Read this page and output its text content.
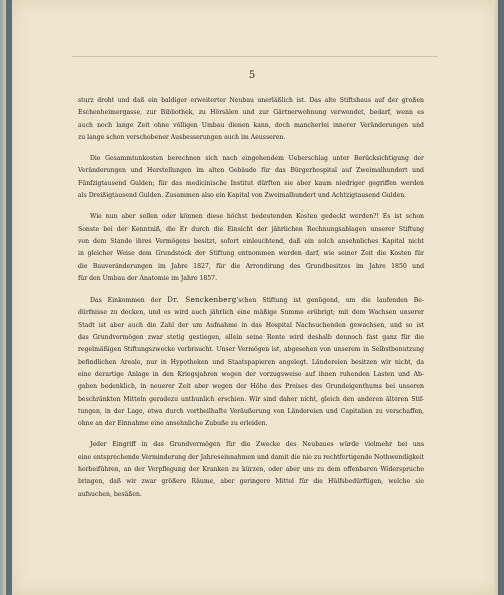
5
sturz droht und daß ein baldiger erweiterter Neubau unerläßlich ist. Das alte Stiftshaus auf der großen
Eschenheimergasse, zur Bibliothek, zu Hörsälen und zur Gärtnerwohnung verwendet, bedarf, wenn es
auch noch lange Zeit ohne völligen Umbau dienen kann, doch mancherlei innerer Veränderungen und
zu lange schon verschobener Ausbesserungen auch im Aeusseren.
Die Gesammtunkosten berechnen sich nach eingehendem Ueberschlag unter Berücksichtigung der
Veränderungen und Herstellungen im alten Gebäude für das Bürgerhospital auf Zweimalhundert und
Fünfzigtausend Gulden; für das medicinische Institut dürften sie aber kaum niedriger gegriffen werden
als Dreißigtausend Gulden. Zusammen also ein Kapital von Zweimalhundert und Achtzigtausend Gulden.
Wie nun aber sollen oder können diese höchst bedeutenden Kosten gedeckt werden?! Es ist schon
Sonste bei der Kenntniß, die Er durch die Einsicht der jährlichen Rechnungsablagen unserer Stiftung
von dem Stande ihres Vermögens besitzt, sofort einleuchtend, daß ein solch ansehnliches Kapital nicht
in gleicher Weise dem Grundstock der Stiftung entnommen werden darf, wie seiner Zeit die Kosten für
die Bauveränderungen im Jahre 1827, für die Arrondirung des Grundbesitzes im Jahre 1850 und
für den Umbau der Anatomie im Jahre 1857.
Das Einkommen der Dr. Senckenberg'schen Stiftung ist genügend, um die laufenden Be-
dürfnisse zu decken, und es wird auch jährlich eine mäßige Summe erübrigt; mit dem Wachsen unserer
Stadt ist aber auch die Zahl der um Aufnahme in das Hospital Nachsuchenden gewachsen, und so ist
das Grundvermögen zwar stetig gestiegen, allein seine Rente wird deshalb dennoch fast ganz für die
regelmäßigen Stiftungszwecke verbraucht. Unser Vermögen ist, abgesehen von unserem in Selbstbenutzung
befindlichen Areale, nur in Hypotheken und Staatspapieren angelegt. Ländereien besitzen wir nicht, da
eine derartige Anlage in den Kriegsjahren wegen der vorzugsweise auf ihnen ruhenden Lasten und Ab-
gaben bedenklich, in neuerer Zeit aber wegen der Höhe des Preises des Grundeigenthums bei unseren
beschränkten Mitteln geradezu unthunlich erschien. Wir sind daher nicht, gleich den anderen älteren Stif-
tungen, in der Lage, etwa durch vortheilhafte Veräußerung von Ländereien und Capitalien zu verschaffen,
ohne an der Einnahme eine ansehnliche Zubuße zu erleiden.
Jeder Eingriff in das Grundvermögen für die Zwecke des Neubaues würde vielmehr bei uns
eine entsprechende Verminderung der Jahreseinnahmen und damit die nie zu rechtfertigende Nothwendigkeit
herbeiführen, an der Verpflegung der Kranken zu kürzen, oder aber uns zu dem offenbaren Widerspruche
bringen, daß wir zwar größere Räume, aber geringere Mittel für die Hülfsbedürftigen, welche sie
aufsuchen, besäßen.
